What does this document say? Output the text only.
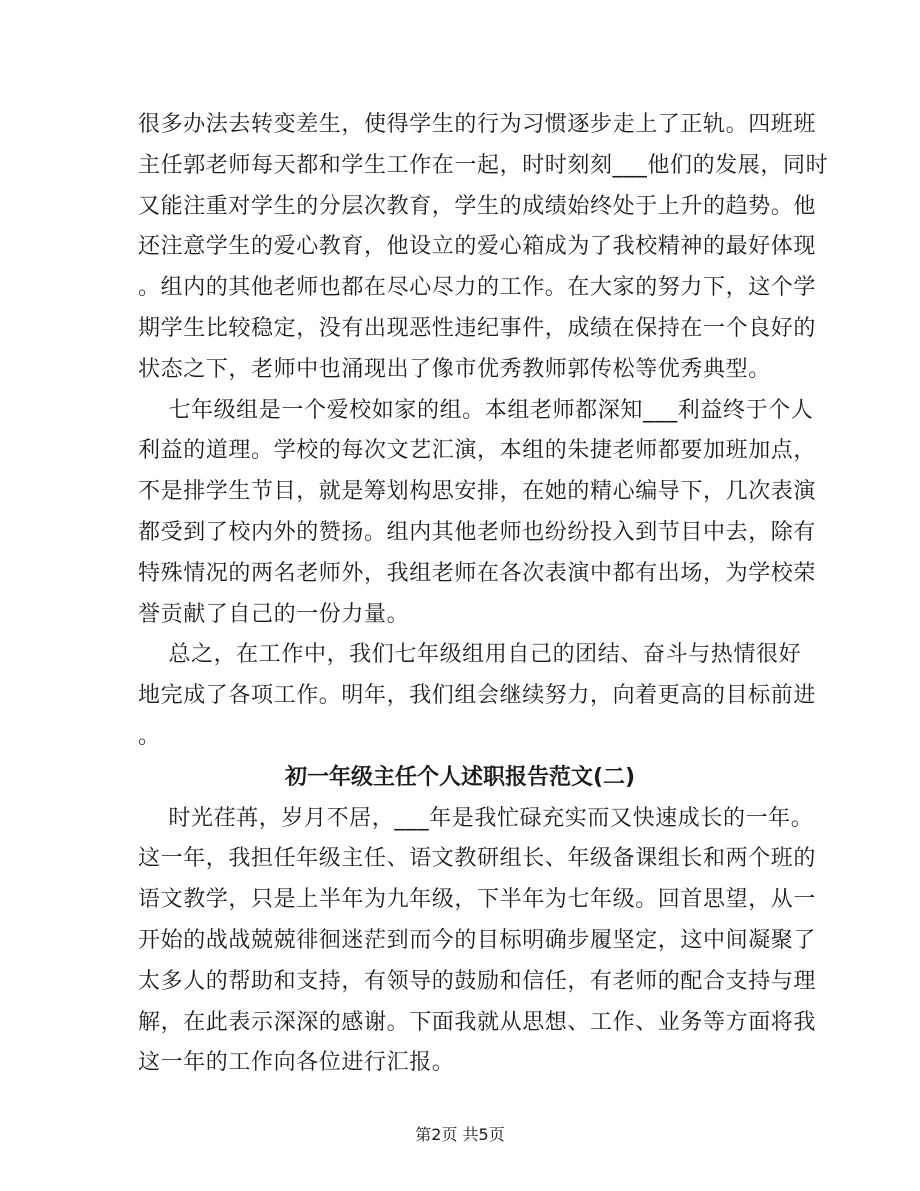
很多办法去转变差生，使得学生的行为习惯逐步走上了正轨。四班班
主任郭老师每天都和学生工作在一起，时时刻刻___他们的发展，同时
又能注重对学生的分层次教育，学生的成绩始终处于上升的趋势。他
还注意学生的爱心教育，他设立的爱心箱成为了我校精神的最好体现
。组内的其他老师也都在尽心尽力的工作。在大家的努力下，这个学
期学生比较稳定，没有出现恶性违纪事件，成绩在保持在一个良好的
状态之下，老师中也涌现出了像市优秀教师郭传松等优秀典型。
七年级组是一个爱校如家的组。本组老师都深知___利益终于个人
利益的道理。学校的每次文艺汇演，本组的朱捷老师都要加班加点，
不是排学生节目，就是筹划构思安排，在她的精心编导下，几次表演
都受到了校内外的赞扬。组内其他老师也纷纷投入到节目中去，除有
特殊情况的两名老师外，我组老师在各次表演中都有出场，为学校荣
誉贡献了自己的一份力量。
总之，在工作中，我们七年级组用自己的团结、奋斗与热情很好
地完成了各项工作。明年，我们组会继续努力，向着更高的目标前进
。
初一年级主任个人述职报告范文(二)
时光荏苒，岁月不居，___年是我忙碌充实而又快速成长的一年。
这一年，我担任年级主任、语文教研组长、年级备课组长和两个班的
语文教学，只是上半年为九年级，下半年为七年级。回首思望，从一
开始的战战兢兢徘徊迷茫到而今的目标明确步履坚定，这中间凝聚了
太多人的帮助和支持，有领导的鼓励和信任，有老师的配合支持与理
解，在此表示深深的感谢。下面我就从思想、工作、业务等方面将我
这一年的工作向各位进行汇报。
第2页 共5页
